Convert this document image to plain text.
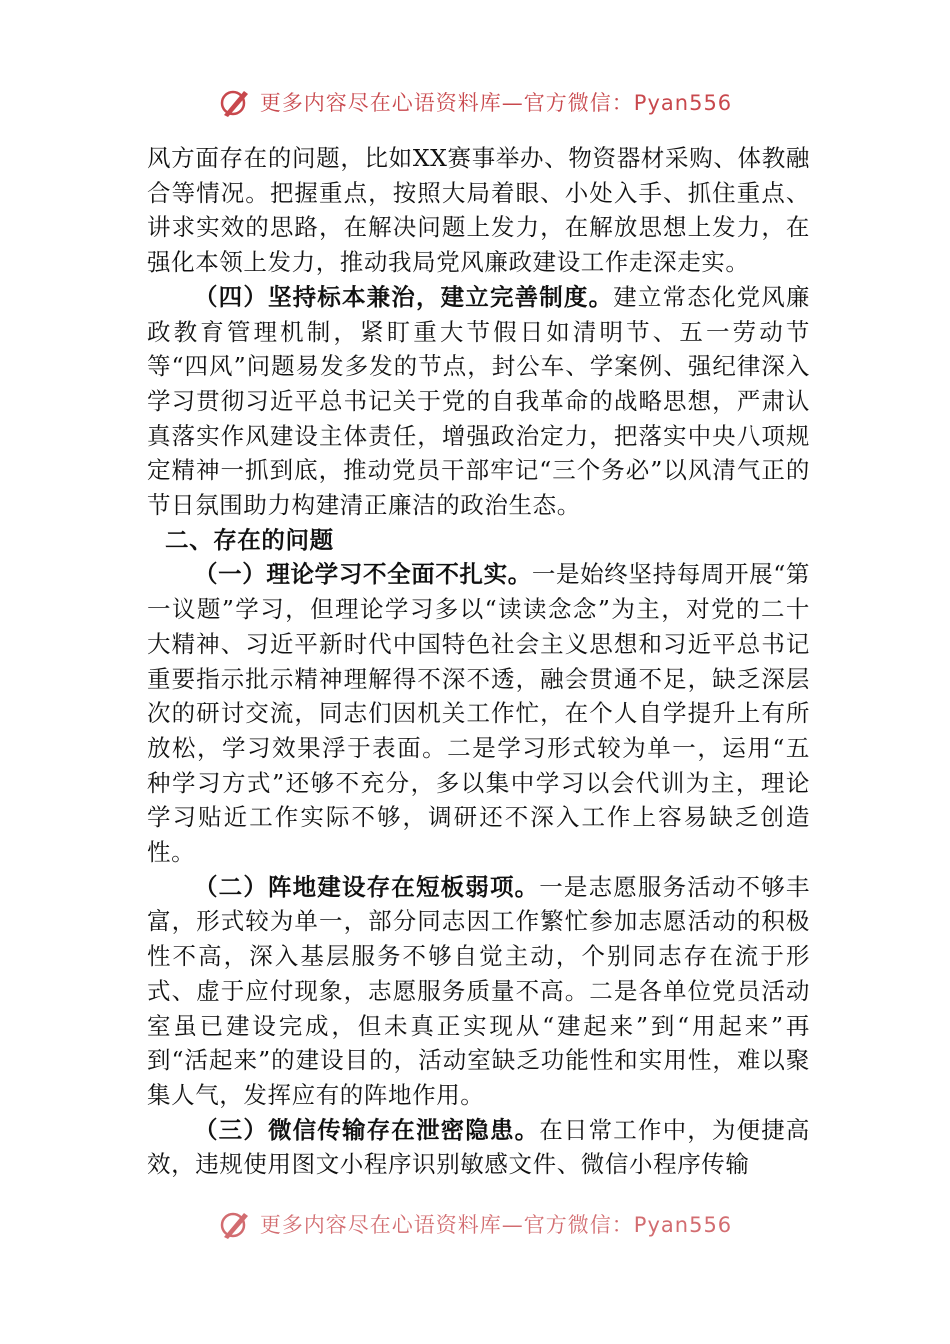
更多内容尽在心语资料库—官方微信：Pyan556

风方面存在的问题，比如XX赛事举办、物资器材采购、体教融合等情况。把握重点，按照大局着眼、小处入手、抓住重点、讲求实效的思路，在解决问题上发力，在解放思想上发力，在强化本领上发力，推动我局党风廉政建设工作走深走实。

（四）坚持标本兼治，建立完善制度。建立常态化党风廉政教育管理机制，紧盯重大节假日如清明节、五一劳动节等“四风”问题易发多发的节点，封公车、学案例、强纪律深入学习贯彻习近平总书记关于党的自我革命的战略思想，严肃认真落实作风建设主体责任，增强政治定力，把落实中央八项规定精神一抓到底，推动党员干部牢记“三个务必”以风清气正的节日氛围助力构建清正廉洁的政治生态。

二、存在的问题

（一）理论学习不全面不扎实。一是始终坚持每周开展“第一议题”学习，但理论学习多以“读读念念”为主，对党的二十大精神、习近平新时代中国特色社会主义思想和习近平总书记重要指示批示精神理解得不深不透，融会贯通不足，缺乏深层次的研讨交流，同志们因机关工作忙，在个人自学提升上有所放松，学习效果浮于表面。二是学习形式较为单一，运用“五种学习方式”还够不充分，多以集中学习以会代训为主，理论学习贴近工作实际不够，调研还不深入工作上容易缺乏创造性。

（二）阵地建设存在短板弱项。一是志愿服务活动不够丰富，形式较为单一，部分同志因工作繁忙参加志愿活动的积极性不高，深入基层服务不够自觉主动，个别同志存在流于形式、虚于应付现象，志愿服务质量不高。二是各单位党员活动室虽已建设完成，但未真正实现从“建起来”到“用起来”再到“活起来”的建设目的，活动室缺乏功能性和实用性，难以聚集人气，发挥应有的阵地作用。

（三）微信传输存在泄密隐患。在日常工作中，为便捷高效，违规使用图文小程序识别敏感文件、微信小程序传输

更多内容尽在心语资料库—官方微信：Pyan556
